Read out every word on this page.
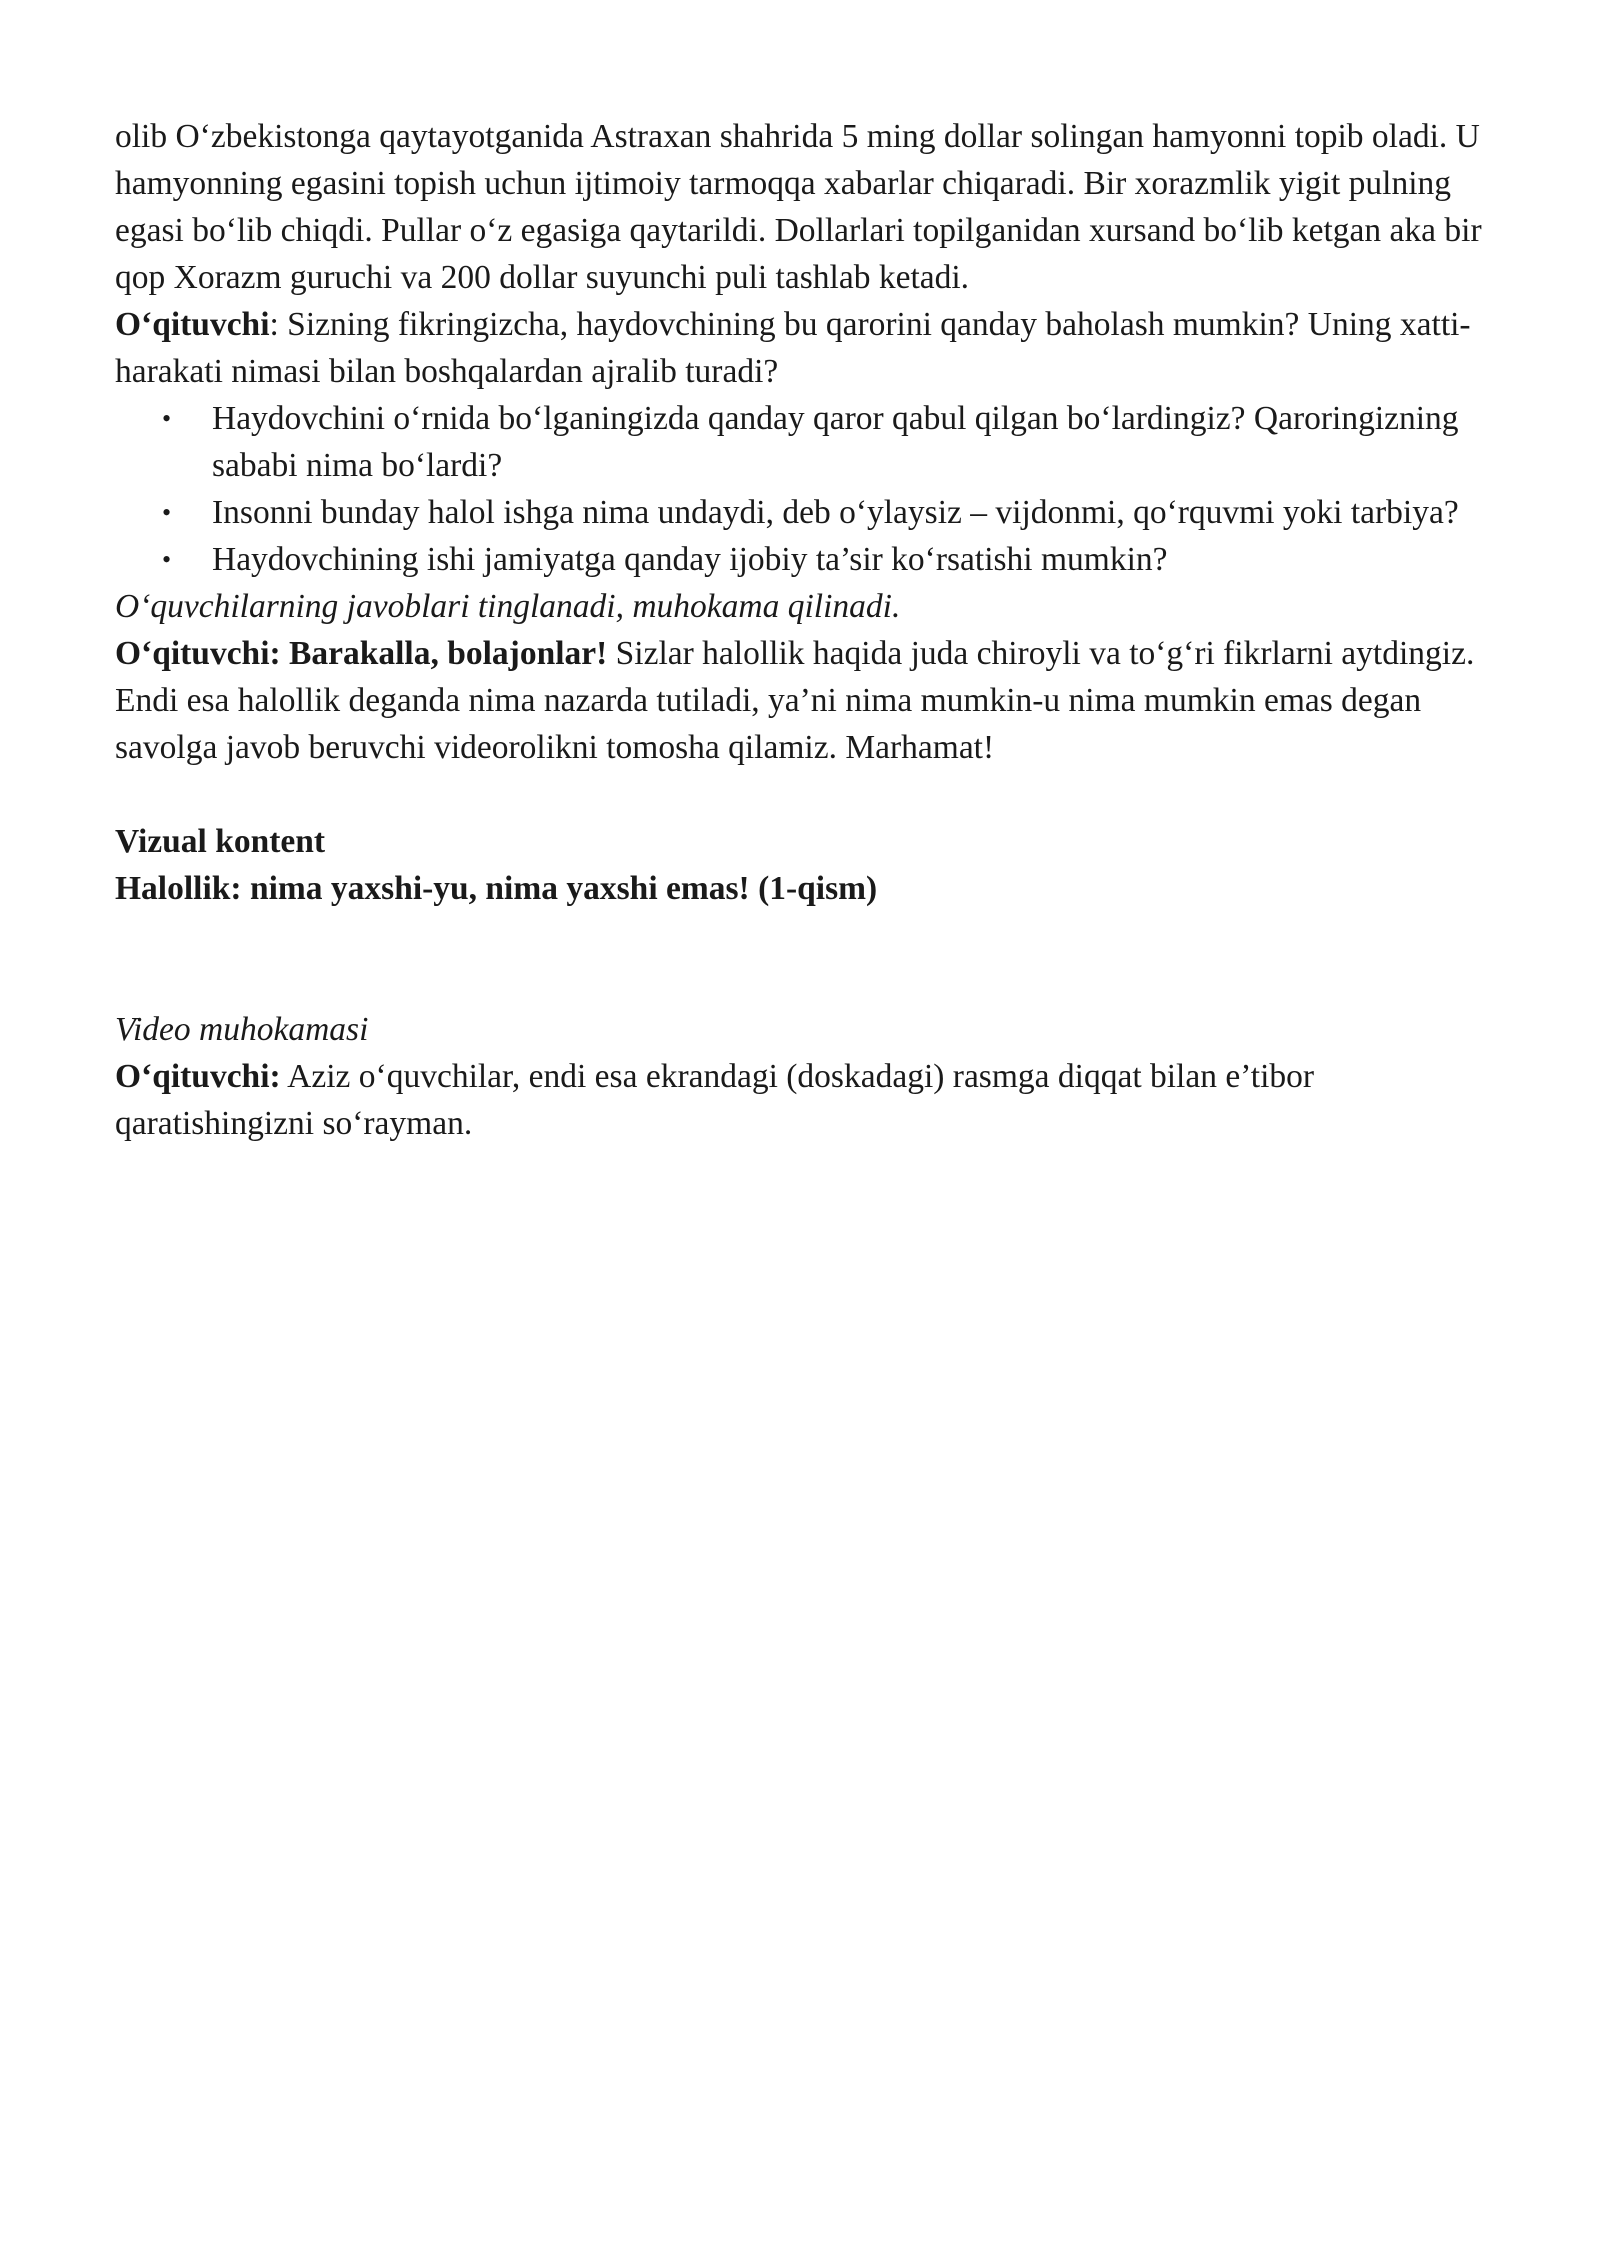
olib O‘zbekistonga qaytayotganida Astraxan shahrida 5 ming dollar solingan hamyonni topib oladi. U hamyonning egasini topish uchun ijtimoiy tarmoqqa xabarlar chiqaradi. Bir xorazmlik yigit pulning egasi bo‘lib chiqdi. Pullar o‘z egasiga qaytarildi. Dollarlari topilganidan xursand bo‘lib ketgan aka bir qop Xorazm guruchi va 200 dollar suyunchi puli tashlab ketadi.

O‘qituvchi: Sizning fikringizcha, haydovchining bu qarorini qanday baholash mumkin? Uning xatti-harakati nimasi bilan boshqalardan ajralib turadi?

• Haydovchini o‘rnida bo‘lganingizda qanday qaror qabul qilgan bo‘lardingiz? Qaroringizning sababi nima bo‘lardi?
• Insonni bunday halol ishga nima undaydi, deb o‘ylaysiz – vijdonmi, qo‘rquvmi yoki tarbiya?
• Haydovchining ishi jamiyatga qanday ijobiy ta’sir ko‘rsatishi mumkin?

O‘quvchilarning javoblari tinglanadi, muhokama qilinadi.

O‘qituvchi: Barakalla, bolajonlar! Sizlar halollik haqida juda chiroyli va to‘g‘ri fikrlarni aytdingiz. Endi esa halollik deganda nima nazarda tutiladi, ya’ni nima mumkin-u nima mumkin emas degan savolga javob beruvchi videorolikni tomosha qilamiz. Marhamat!

Vizual kontent

Halollik: nima yaxshi-yu, nima yaxshi emas! (1-qism)

Video muhokamasi

O‘qituvchi: Aziz o‘quvchilar, endi esa ekrandagi (doskadagi) rasmga diqqat bilan e’tibor qaratishingizni so‘rayman.
